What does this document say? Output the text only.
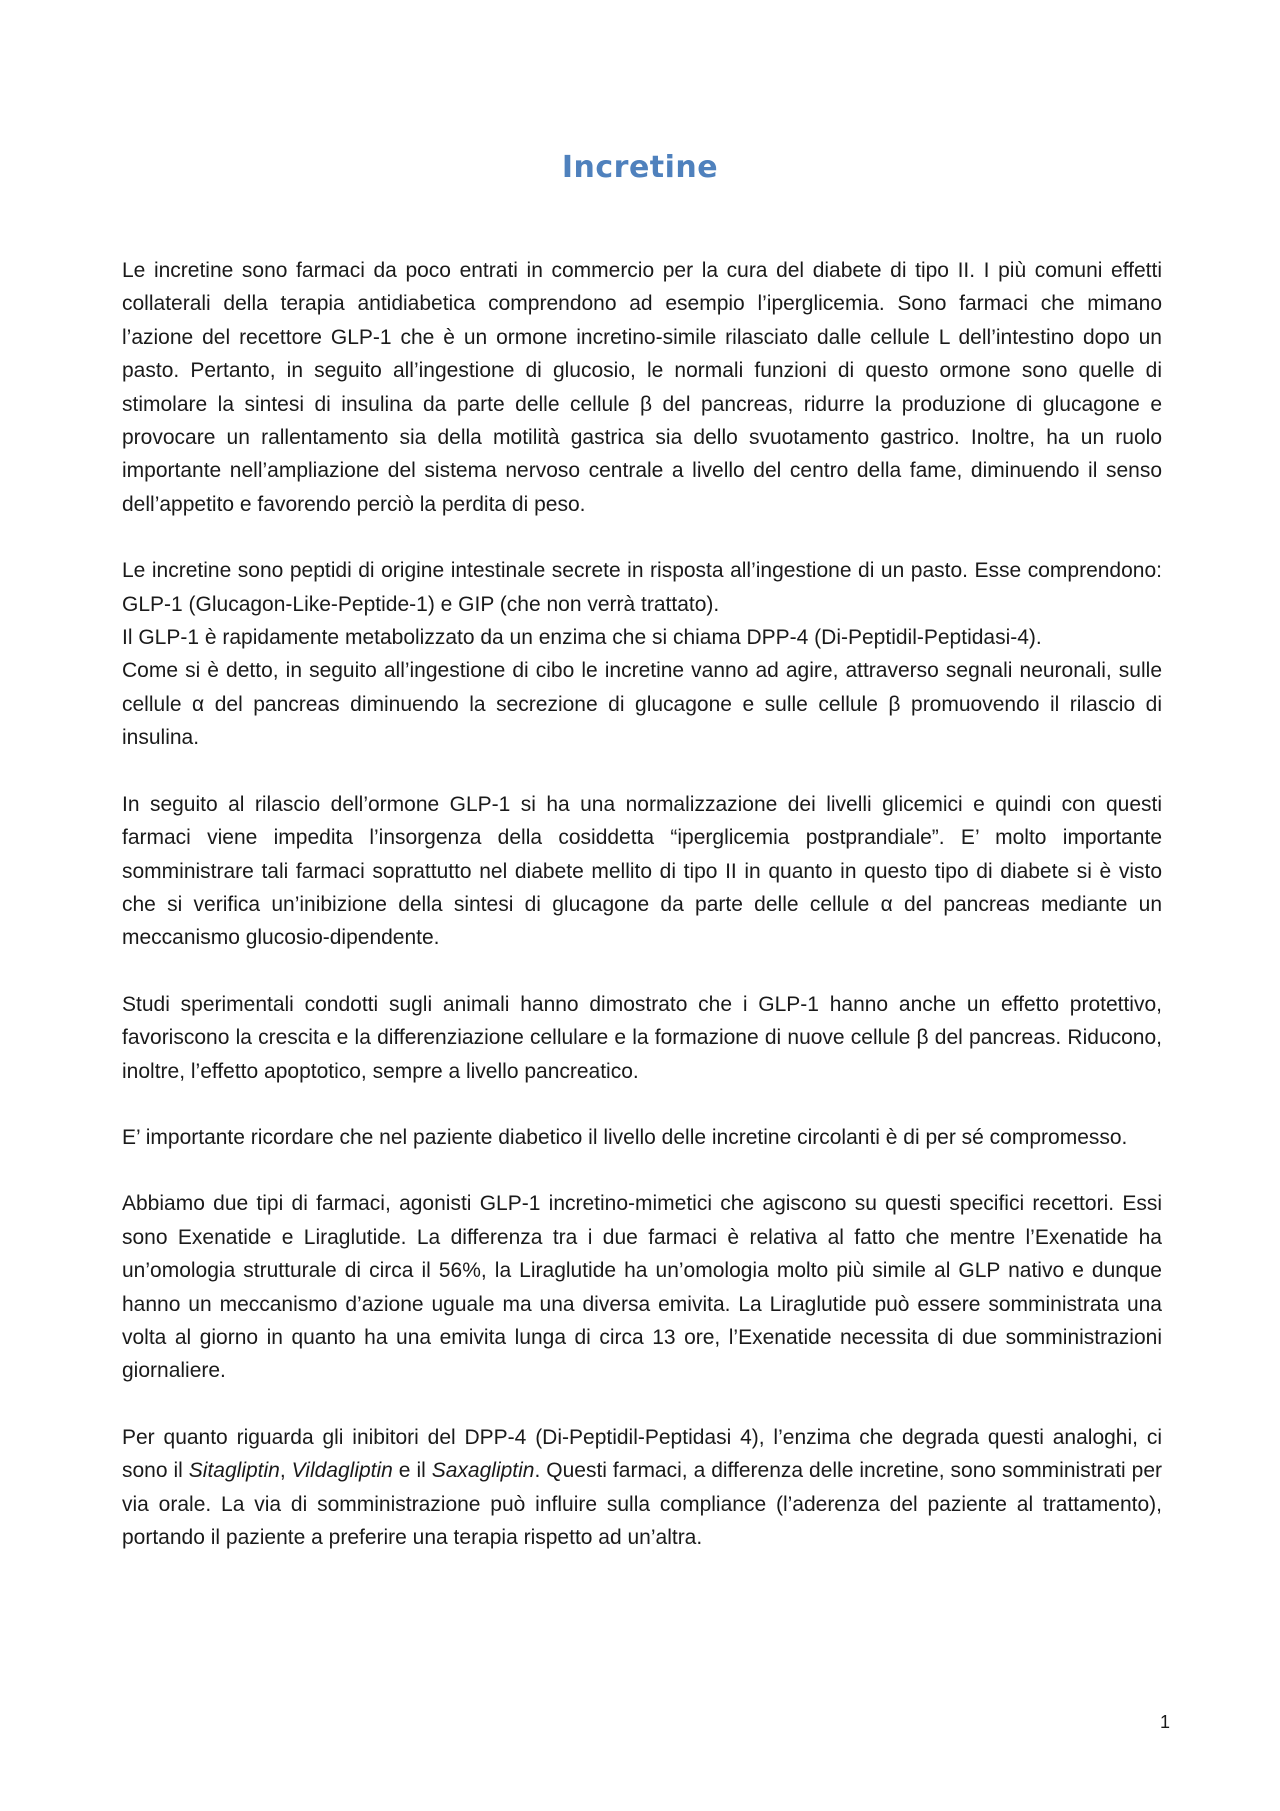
Incretine

Le incretine sono farmaci da poco entrati in commercio per la cura del diabete di tipo II. I più comuni effetti collaterali della terapia antidiabetica comprendono ad esempio l’iperglicemia. Sono farmaci che mimano l’azione del recettore GLP-1 che è un ormone incretino-simile rilasciato dalle cellule L dell’intestino dopo un pasto. Pertanto, in seguito all’ingestione di glucosio, le normali funzioni di questo ormone sono quelle di stimolare la sintesi di insulina da parte delle cellule β del pancreas, ridurre la produzione di glucagone e provocare un rallentamento sia della motilità gastrica sia dello svuotamento gastrico. Inoltre, ha un ruolo importante nell’ampliazione del sistema nervoso centrale a livello del centro della fame, diminuendo il senso dell’appetito e favorendo perciò la perdita di peso.

Le incretine sono peptidi di origine intestinale secrete in risposta all’ingestione di un pasto. Esse comprendono: GLP-1 (Glucagon-Like-Peptide-1) e GIP (che non verrà trattato).
Il GLP-1 è rapidamente metabolizzato da un enzima che si chiama DPP-4 (Di-Peptidil-Peptidasi-4).
Come si è detto, in seguito all’ingestione di cibo le incretine vanno ad agire, attraverso segnali neuronali, sulle cellule α del pancreas diminuendo la secrezione di glucagone e sulle cellule β promuovendo il rilascio di insulina.

In seguito al rilascio dell’ormone GLP-1 si ha una normalizzazione dei livelli glicemici e quindi con questi farmaci viene impedita l’insorgenza della cosiddetta “iperglicemia postprandiale”. E’ molto importante somministrare tali farmaci soprattutto nel diabete mellito di tipo II in quanto in questo tipo di diabete si è visto che si verifica un’inibizione della sintesi di glucagone da parte delle cellule α del pancreas mediante un meccanismo glucosio-dipendente.

Studi sperimentali condotti sugli animali hanno dimostrato che i GLP-1 hanno anche un effetto protettivo, favoriscono la crescita e la differenziazione cellulare e la formazione di nuove cellule β del pancreas. Riducono, inoltre, l’effetto apoptotico, sempre a livello pancreatico.

E’ importante ricordare che nel paziente diabetico il livello delle incretine circolanti è di per sé compromesso.

Abbiamo due tipi di farmaci, agonisti GLP-1 incretino-mimetici che agiscono su questi specifici recettori. Essi sono Exenatide e Liraglutide. La differenza tra i due farmaci è relativa al fatto che mentre l’Exenatide ha un’omologia strutturale di circa il 56%, la Liraglutide ha un’omologia molto più simile al GLP nativo e dunque hanno un meccanismo d’azione uguale ma una diversa emivita. La Liraglutide può essere somministrata una volta al giorno in quanto ha una emivita lunga di circa 13 ore, l’Exenatide necessita di due somministrazioni giornaliere.

Per quanto riguarda gli inibitori del DPP-4 (Di-Peptidil-Peptidasi 4), l’enzima che degrada questi analoghi, ci sono il Sitagliptin, Vildagliptin e il Saxagliptin. Questi farmaci, a differenza delle incretine, sono somministrati per via orale. La via di somministrazione può influire sulla compliance (l’aderenza del paziente al trattamento), portando il paziente a preferire una terapia rispetto ad un’altra.

1
